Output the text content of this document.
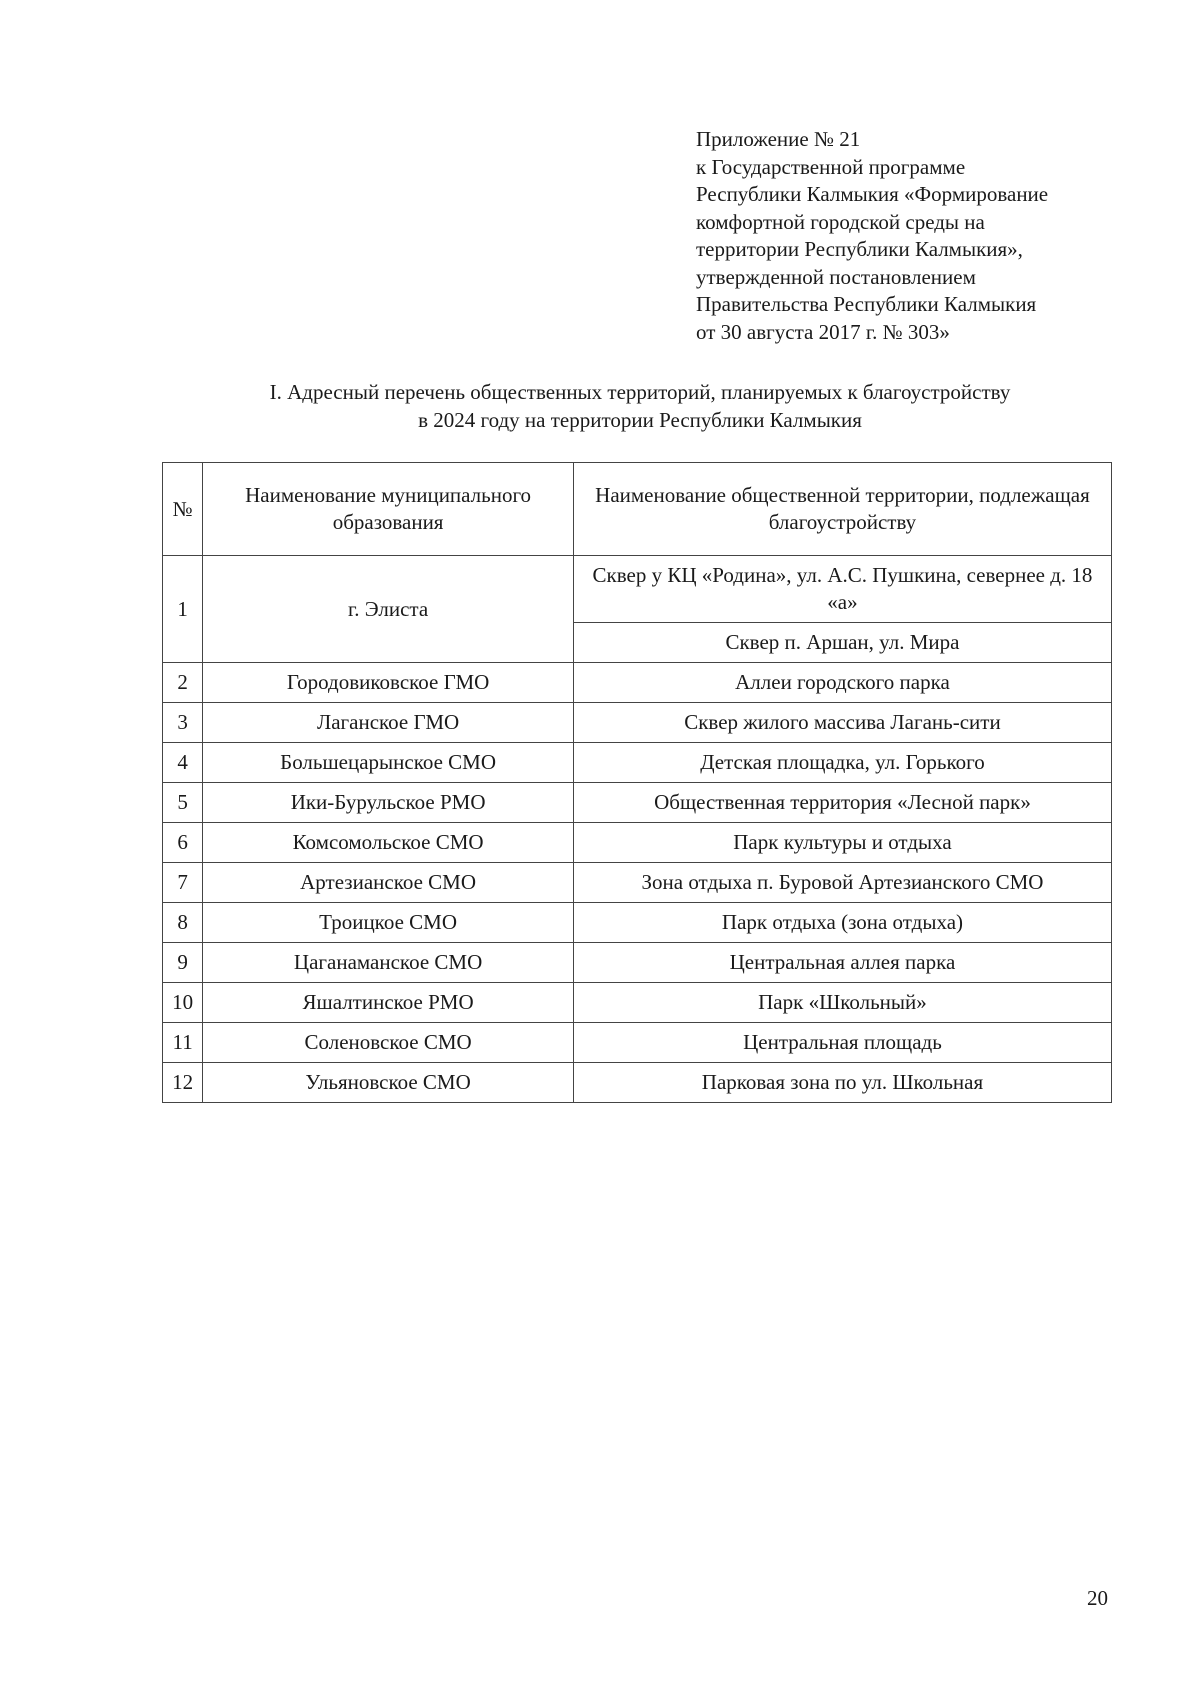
Приложение № 21
к Государственной программе
Республики Калмыкия «Формирование
комфортной городской среды на
территории Республики Калмыкия»,
утвержденной постановлением
Правительства Республики Калмыкия
от 30 августа 2017 г. № 303»
I. Адресный перечень общественных территорий, планируемых к благоустройству
в 2024 году на территории Республики Калмыкия
№	Наименование муниципального образования	Наименование общественной территории, подлежащая благоустройству
1	г. Элиста	Сквер у КЦ «Родина», ул. А.С. Пушкина, севернее д. 18 «а»
		Сквер п. Аршан, ул. Мира
2	Городовиковское ГМО	Аллеи городского парка
3	Лаганское ГМО	Сквер жилого массива Лагань-сити
4	Большецарынское СМО	Детская площадка, ул. Горького
5	Ики-Бурульское РМО	Общественная территория «Лесной парк»
6	Комсомольское СМО	Парк культуры и отдыха
7	Артезианское СМО	Зона отдыха п. Буровой Артезианского СМО
8	Троицкое СМО	Парк отдыха (зона отдыха)
9	Цаганаманское СМО	Центральная аллея парка
10	Яшалтинское РМО	Парк «Школьный»
11	Соленовское СМО	Центральная площадь
12	Ульяновское СМО	Парковая зона по ул. Школьная
20
